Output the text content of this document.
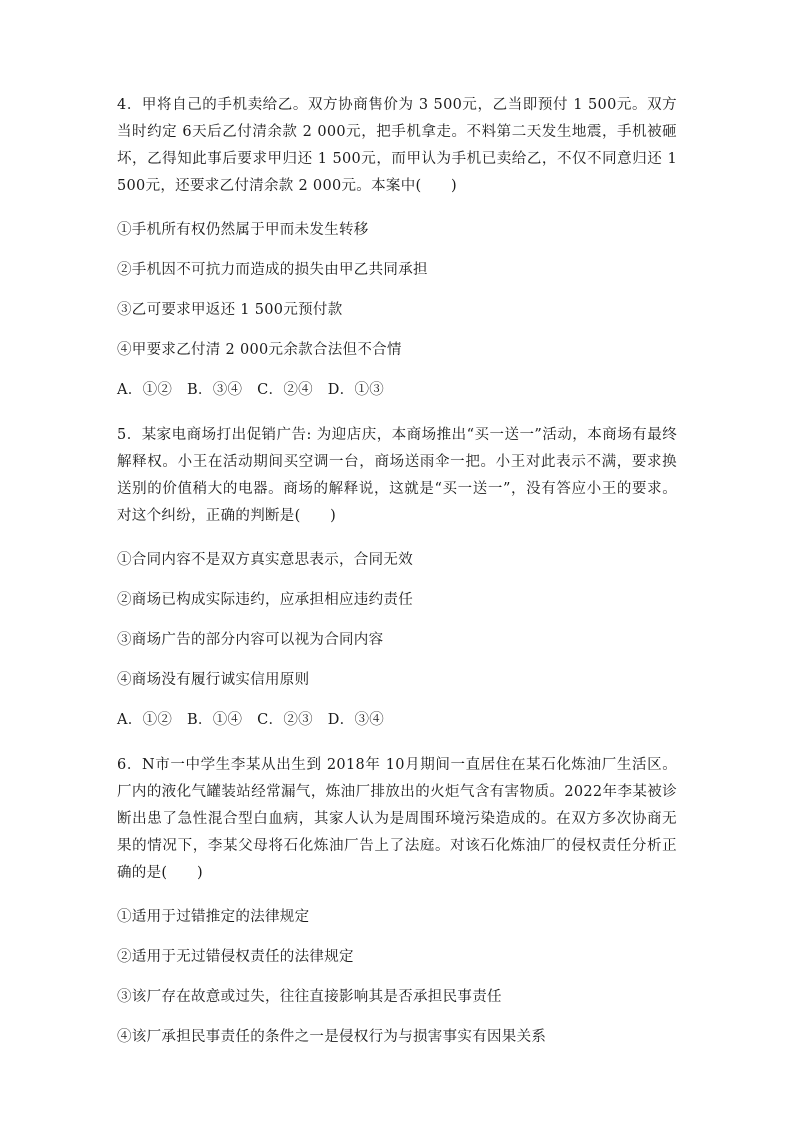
4．甲将自己的手机卖给乙。双方协商售价为 3 500元，乙当即预付 1 500元。双方当时约定 6天后乙付清余款 2 000元，把手机拿走。不料第二天发生地震，手机被砸坏，乙得知此事后要求甲归还 1 500元，而甲认为手机已卖给乙，不仅不同意归还 1 500元，还要求乙付清余款 2 000元。本案中(　　)

①手机所有权仍然属于甲而未发生转移
②手机因不可抗力而造成的损失由甲乙共同承担
③乙可要求甲返还 1 500元预付款
④甲要求乙付清 2 000元余款合法但不合情
A．①②　B．③④　C．②④　D．①③

5．某家电商场打出促销广告: 为迎店庆，本商场推出“买一送一”活动，本商场有最终解释权。小王在活动期间买空调一台，商场送雨伞一把。小王对此表示不满，要求换送别的价值稍大的电器。商场的解释说，这就是“买一送一”，没有答应小王的要求。对这个纠纷，正确的判断是(　　)

①合同内容不是双方真实意思表示，合同无效
②商场已构成实际违约，应承担相应违约责任
③商场广告的部分内容可以视为合同内容
④商场没有履行诚实信用原则
A．①②　B．①④　C．②③　D．③④

6．N市一中学生李某从出生到 2018年 10月期间一直居住在某石化炼油厂生活区。厂内的液化气罐装站经常漏气，炼油厂排放出的火炬气含有害物质。2022年李某被诊断出患了急性混合型白血病，其家人认为是周围环境污染造成的。在双方多次协商无果的情况下，李某父母将石化炼油厂告上了法庭。对该石化炼油厂的侵权责任分析正确的是(　　)

①适用于过错推定的法律规定
②适用于无过错侵权责任的法律规定
③该厂存在故意或过失，往往直接影响其是否承担民事责任
④该厂承担民事责任的条件之一是侵权行为与损害事实有因果关系
